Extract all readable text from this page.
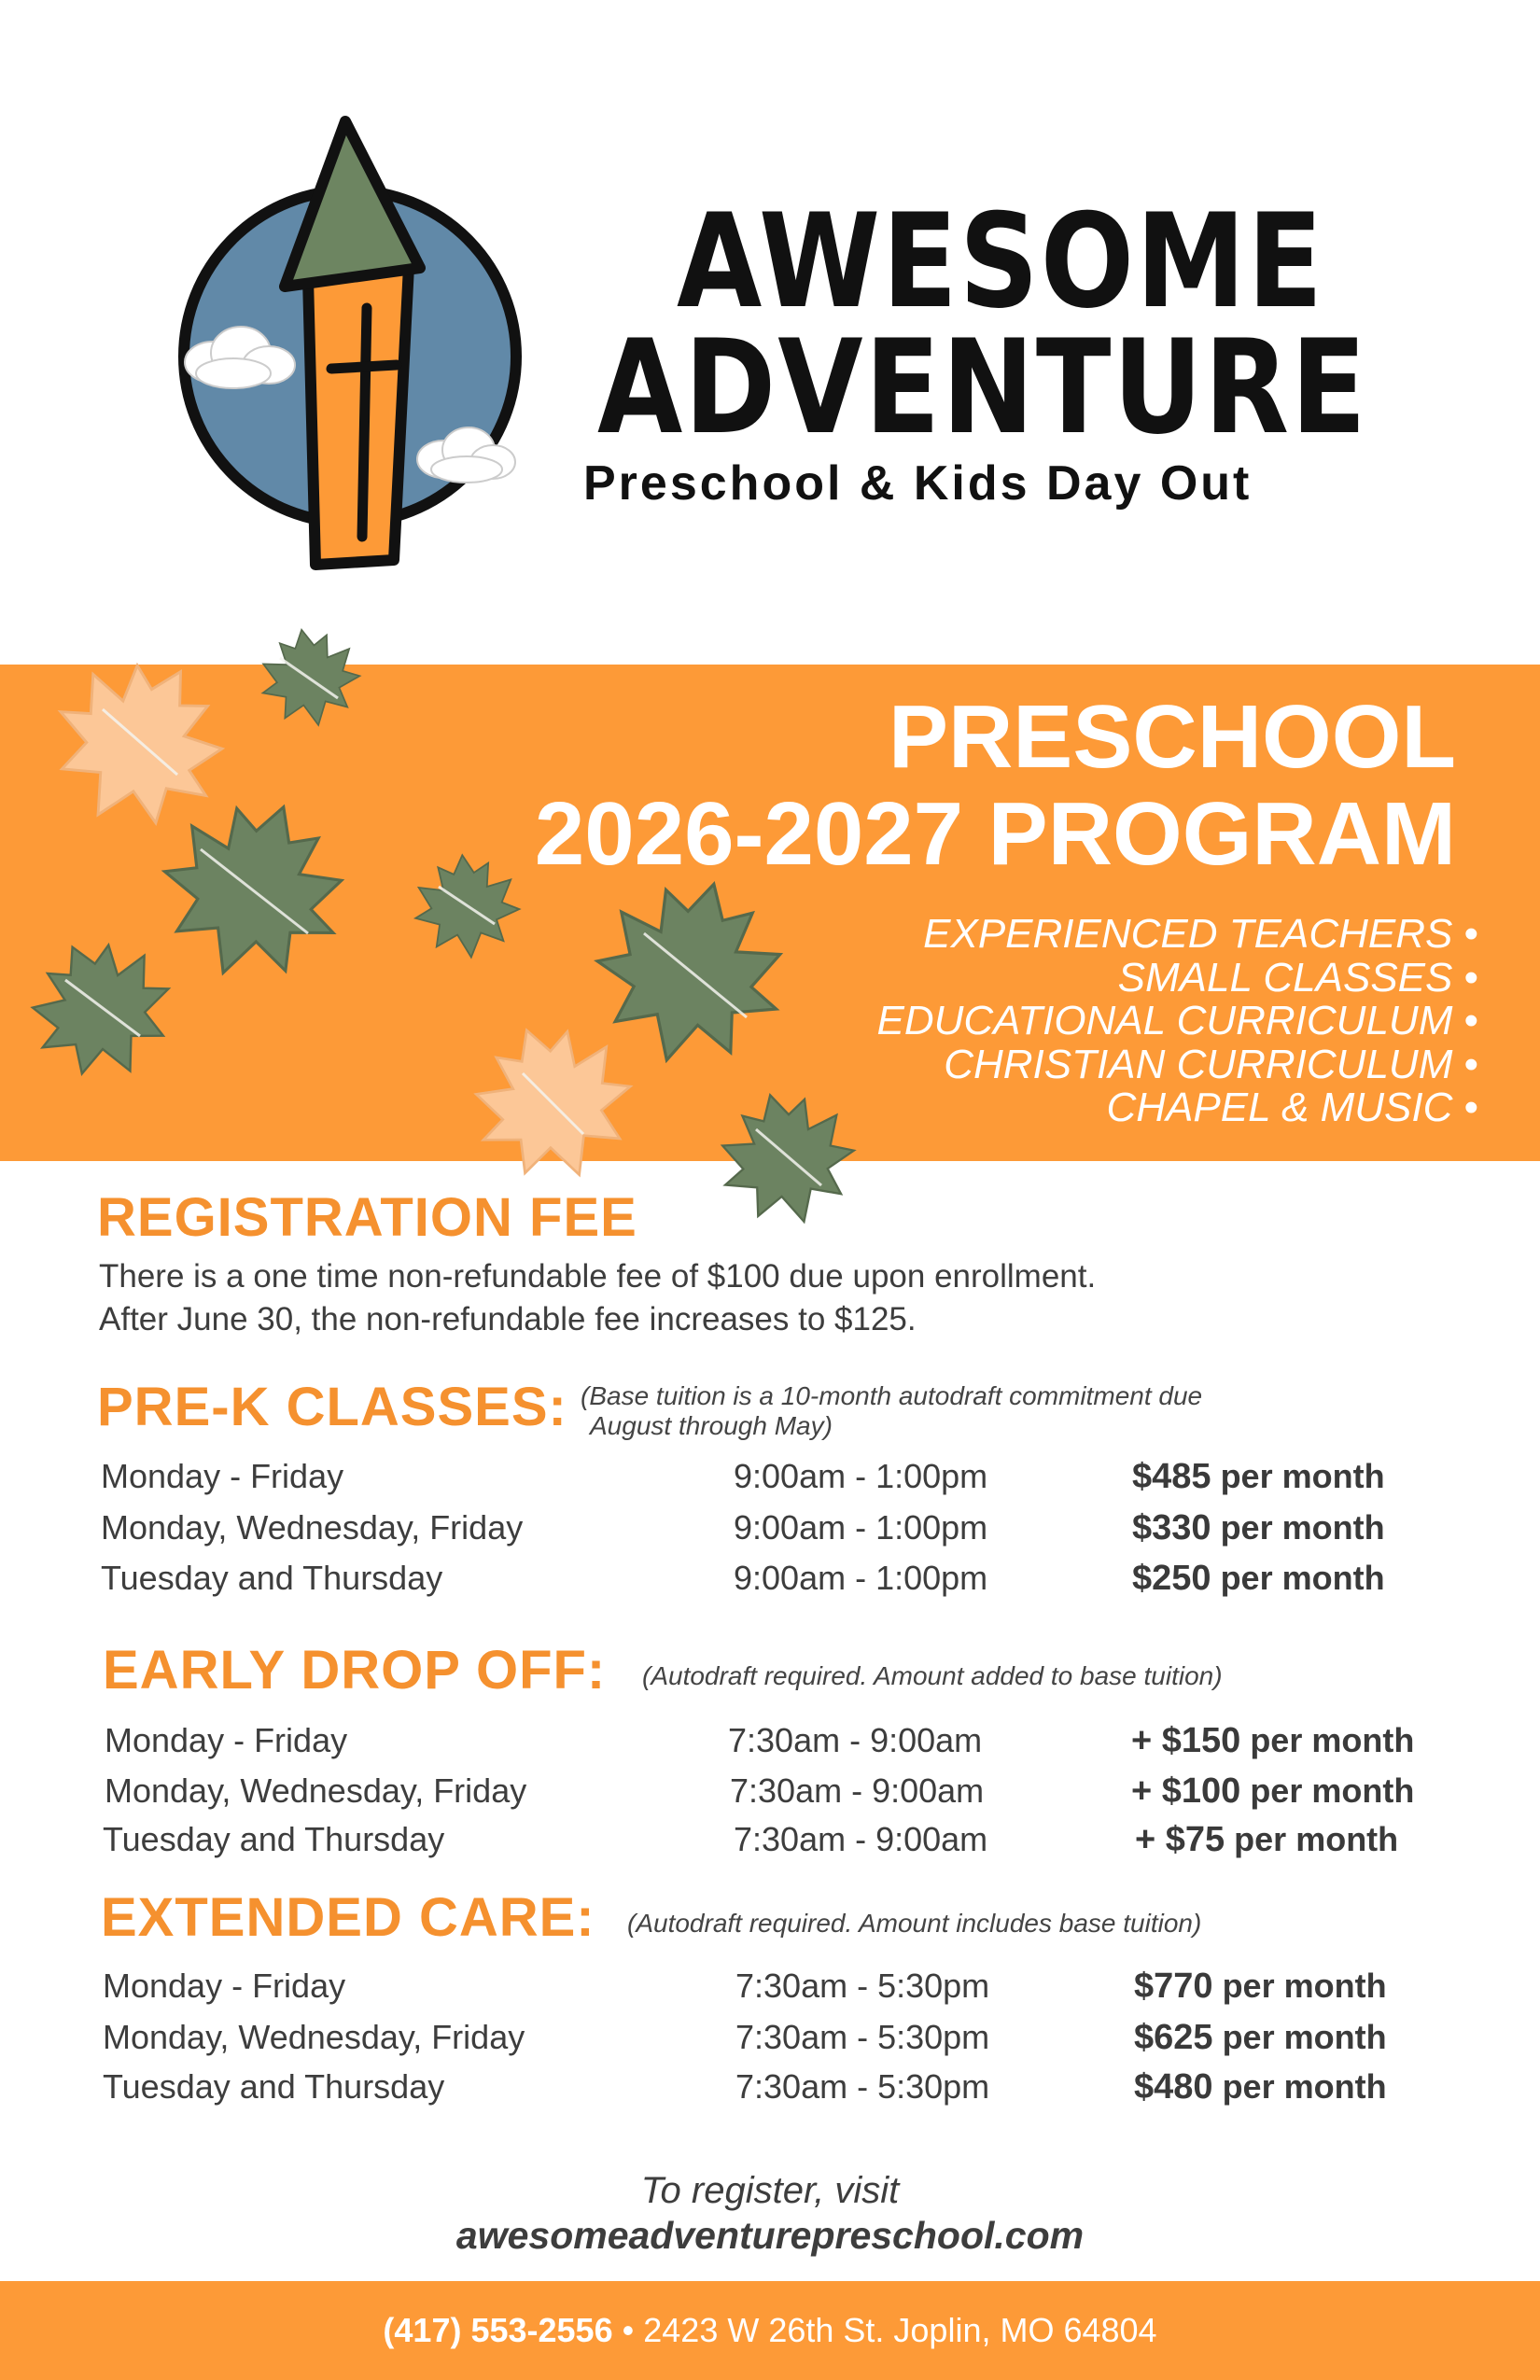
AWESOME
ADVENTURE
Preschool & Kids Day Out
PRESCHOOL
2026-2027 PROGRAM
EXPERIENCED TEACHERS •
SMALL CLASSES •
EDUCATIONAL CURRICULUM •
CHRISTIAN CURRICULUM •
CHAPEL & MUSIC •
REGISTRATION FEE
There is a one time non-refundable fee of $100 due upon enrollment.
After June 30, the non-refundable fee increases to $125.
PRE-K CLASSES: (Base tuition is a 10-month autodraft commitment due
August through May)
Monday - Friday	9:00am - 1:00pm	$485 per month
Monday, Wednesday, Friday	9:00am - 1:00pm	$330 per month
Tuesday and Thursday	9:00am - 1:00pm	$250 per month
EARLY DROP OFF: (Autodraft required. Amount added to base tuition)
Monday - Friday	7:30am - 9:00am	+ $150 per month
Monday, Wednesday, Friday	7:30am - 9:00am	+ $100 per month
Tuesday and Thursday	7:30am - 9:00am	+ $75 per month
EXTENDED CARE: (Autodraft required. Amount includes base tuition)
Monday - Friday	7:30am - 5:30pm	$770 per month
Monday, Wednesday, Friday	7:30am - 5:30pm	$625 per month
Tuesday and Thursday	7:30am - 5:30pm	$480 per month
To register, visit
awesomeadventurepreschool.com
(417) 553-2556 • 2423 W 26th St. Joplin, MO 64804
